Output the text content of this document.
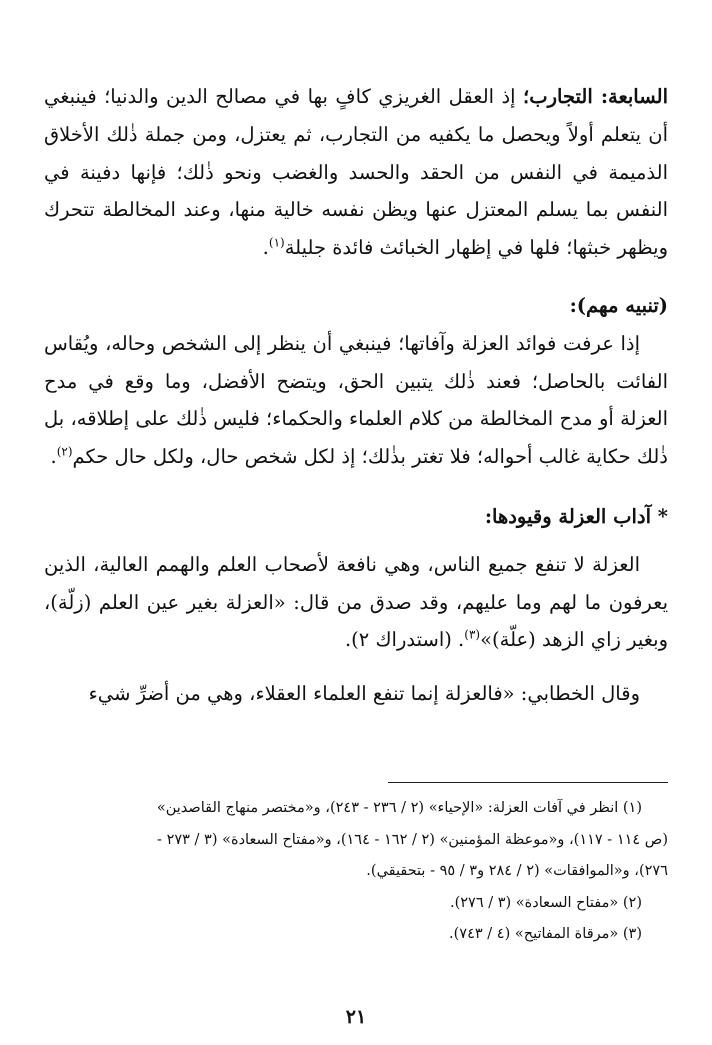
السابعة: التجارب؛ إذ العقل الغريزي كافٍ بها في مصالح الدين والدنيا؛ فينبغي أن يتعلم أولاً ويحصل ما يكفيه من التجارب، ثم يعتزل، ومن جملة ذٰلك الأخلاق الذميمة في النفس من الحقد والحسد والغضب ونحو ذٰلك؛ فإنها دفينة في النفس بما يسلم المعتزل عنها ويظن نفسه خالية منها، وعند المخالطة تتحرك ويظهر خبثها؛ فلها في إظهار الخبائث فائدة جليلة$^{(١)}$.

(تنبيه مهم):

إذا عرفت فوائد العزلة وآفاتها؛ فينبغي أن ينظر إلى الشخص وحاله، ويُقاس الفائت بالحاصل؛ فعند ذٰلك يتبين الحق، ويتضح الأفضل، وما وقع في مدح العزلة أو مدح المخالطة من كلام العلماء والحكماء؛ فليس ذٰلك على إطلاقه، بل ذٰلك حكاية غالب أحواله؛ فلا تغتر بذٰلك؛ إذ لكل شخص حال، ولكل حال حكم$^{(٢)}$.

* آداب العزلة وقيودها:

العزلة لا تنفع جميع الناس، وهي نافعة لأصحاب العلم والهمم العالية، الذين يعرفون ما لهم وما عليهم، وقد صدق من قال: «العزلة بغير عين العلم (زلّة)، وبغير زاي الزهد (علّة)»$^{(٣)}$. (استدراك ٢).

وقال الخطابي: «فالعزلة إنما تنفع العلماء العقلاء، وهي من أضرِّ شيء

(١) انظر في آفات العزلة: «الإحياء» (٢ / ٢٣٦ - ٢٤٣)، و«مختصر منهاج القاصدين»

(ص ١١٤ - ١١٧)، و«موعظة المؤمنين» (٢ / ١٦٢ - ١٦٤)، و«مفتاح السعادة» (٣ / ٢٧٣ -

٢٧٦)، و«الموافقات» (٢ / ٢٨٤ و٣ / ٩٥ - بتحقيقي).

(٢) «مفتاح السعادة» (٣ / ٢٧٦).

(٣) «مرقاة المفاتيح» (٤ / ٧٤٣).

٢١
